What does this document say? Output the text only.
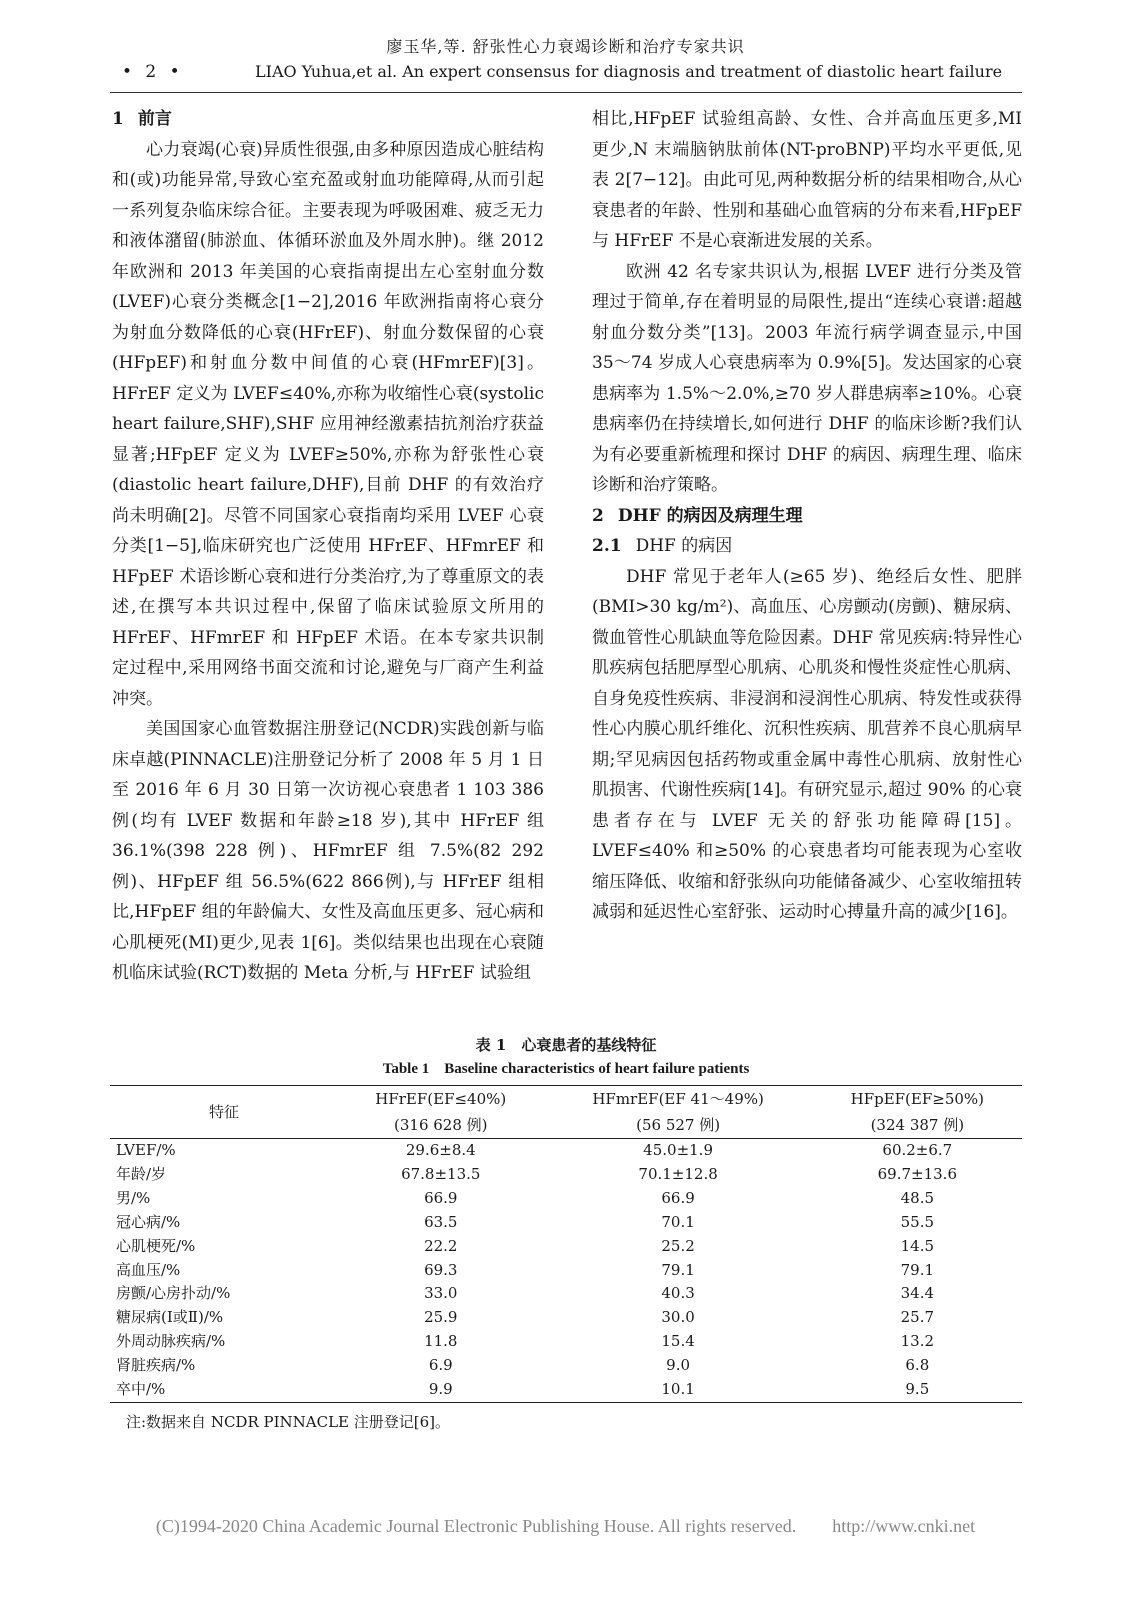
廖玉华,等. 舒张性心力衰竭诊断和治疗专家共识
• 2 •	LIAO Yuhua,et al. An expert consensus for diagnosis and treatment of diastolic heart failure
1 前言

心力衰竭(心衰)异质性很强,由多种原因造成心脏结构和(或)功能异常,导致心室充盈或射血功能障碍,从而引起一系列复杂临床综合征。主要表现为呼吸困难、疲乏无力和液体潴留(肺淤血、体循环淤血及外周水肿)。继 2012 年欧洲和 2013 年美国的心衰指南提出左心室射血分数(LVEF)心衰分类概念[1−2],2016 年欧洲指南将心衰分为射血分数降低的心衰(HFrEF)、射血分数保留的心衰(HFpEF)和射血分数中间值的心衰(HFmrEF)[3]。HFrEF 定义为 LVEF≤40%,亦称为收缩性心衰(systolic heart failure,SHF),SHF 应用神经激素拮抗剂治疗获益显著;HFpEF 定义为 LVEF≥50%,亦称为舒张性心衰(diastolic heart failure,DHF),目前 DHF 的有效治疗尚未明确[2]。尽管不同国家心衰指南均采用 LVEF 心衰分类[1−5],临床研究也广泛使用 HFrEF、HFmrEF 和 HFpEF 术语诊断心衰和进行分类治疗,为了尊重原文的表述,在撰写本共识过程中,保留了临床试验原文所用的 HFrEF、HFmrEF 和 HFpEF 术语。在本专家共识制定过程中,采用网络书面交流和讨论,避免与厂商产生利益冲突。

美国国家心血管数据注册登记(NCDR)实践创新与临床卓越(PINNACLE)注册登记分析了 2008 年 5 月 1 日至 2016 年 6 月 30 日第一次访视心衰患者 1 103 386 例(均有 LVEF 数据和年龄≥18 岁),其中 HFrEF 组 36.1%(398 228 例)、HFmrEF 组 7.5%(82 292 例)、HFpEF 组 56.5%(622 866例),与 HFrEF 组相比,HFpEF 组的年龄偏大、女性及高血压更多、冠心病和心肌梗死(MI)更少,见表 1[6]。类似结果也出现在心衰随机临床试验(RCT)数据的 Meta 分析,与 HFrEF 试验组

相比,HFpEF 试验组高龄、女性、合并高血压更多,MI 更少,N 末端脑钠肽前体(NT-proBNP)平均水平更低,见表 2[7−12]。由此可见,两种数据分析的结果相吻合,从心衰患者的年龄、性别和基础心血管病的分布来看,HFpEF 与 HFrEF 不是心衰渐进发展的关系。

欧洲 42 名专家共识认为,根据 LVEF 进行分类及管理过于简单,存在着明显的局限性,提出“连续心衰谱:超越射血分数分类”[13]。2003 年流行病学调查显示,中国 35～74 岁成人心衰患病率为 0.9%[5]。发达国家的心衰患病率为 1.5%～2.0%,≥70 岁人群患病率≥10%。心衰患病率仍在持续增长,如何进行 DHF 的临床诊断?我们认为有必要重新梳理和探讨 DHF 的病因、病理生理、临床诊断和治疗策略。

2 DHF 的病因及病理生理
2.1 DHF 的病因

DHF 常见于老年人(≥65 岁)、绝经后女性、肥胖(BMI>30 kg/m²)、高血压、心房颤动(房颤)、糖尿病、微血管性心肌缺血等危险因素。DHF 常见疾病:特异性心肌疾病包括肥厚型心肌病、心肌炎和慢性炎症性心肌病、自身免疫性疾病、非浸润和浸润性心肌病、特发性或获得性心内膜心肌纤维化、沉积性疾病、肌营养不良心肌病早期;罕见病因包括药物或重金属中毒性心肌病、放射性心肌损害、代谢性疾病[14]。有研究显示,超过 90% 的心衰患者存在与 LVEF 无关的舒张功能障碍[15]。LVEF≤40% 和≥50% 的心衰患者均可能表现为心室收缩压降低、收缩和舒张纵向功能储备减少、心室收缩扭转减弱和延迟性心室舒张、运动时心搏量升高的减少[16]。

表 1　心衰患者的基线特征
Table 1　Baseline characteristics of heart failure patients
特征	HFrEF(EF≤40%)	HFmrEF(EF 41～49%)	HFpEF(EF≥50%)
	(316 628 例)	(56 527 例)	(324 387 例)
LVEF/%	29.6±8.4	45.0±1.9	60.2±6.7
年龄/岁	67.8±13.5	70.1±12.8	69.7±13.6
男/%	66.9	66.9	48.5
冠心病/%	63.5	70.1	55.5
心肌梗死/%	22.2	25.2	14.5
高血压/%	69.3	79.1	79.1
房颤/心房扑动/%	33.0	40.3	34.4
糖尿病(Ⅰ或Ⅱ)/%	25.9	30.0	25.7
外周动脉疾病/%	11.8	15.4	13.2
肾脏疾病/%	6.9	9.0	6.8
卒中/%	9.9	10.1	9.5
注:数据来自 NCDR PINNACLE 注册登记[6]。
(C)1994-2020 China Academic Journal Electronic Publishing House. All rights reserved.　　http://www.cnki.net
